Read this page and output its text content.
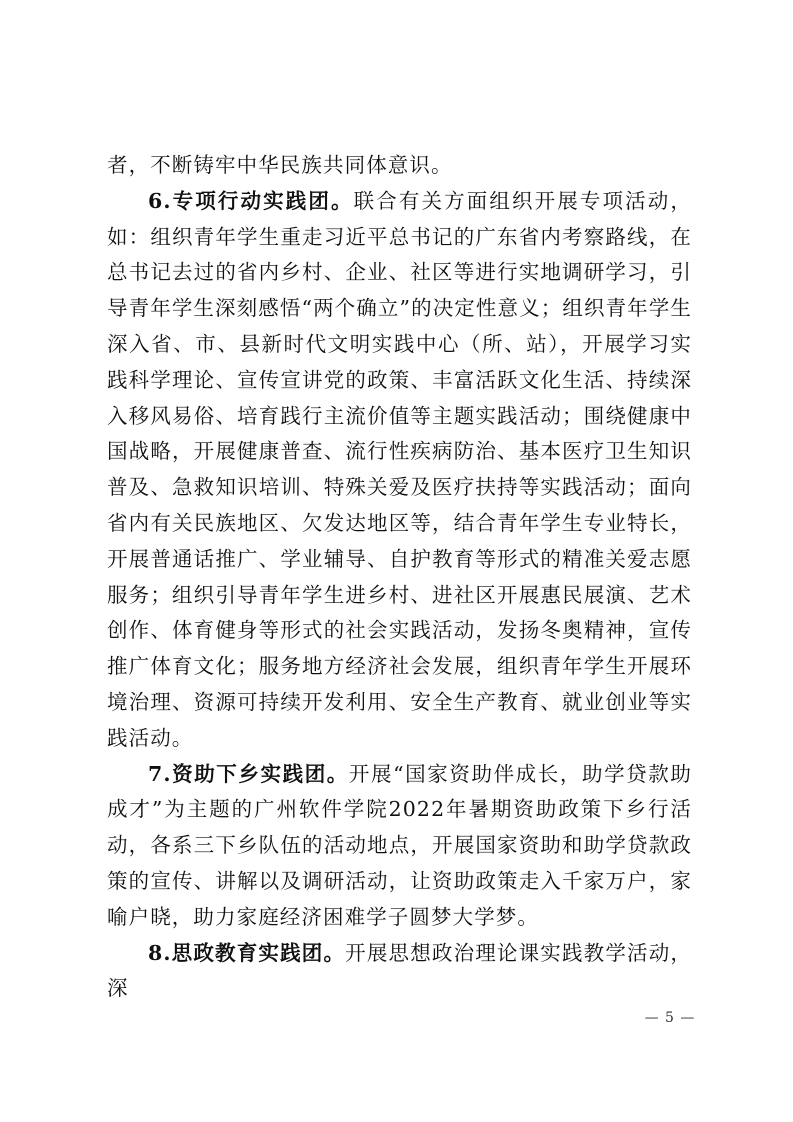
者，不断铸牢中华民族共同体意识。

6.专项行动实践团。联合有关方面组织开展专项活动，如：组织青年学生重走习近平总书记的广东省内考察路线，在总书记去过的省内乡村、企业、社区等进行实地调研学习，引导青年学生深刻感悟“两个确立”的决定性意义；组织青年学生深入省、市、县新时代文明实践中心（所、站），开展学习实践科学理论、宣传宣讲党的政策、丰富活跃文化生活、持续深入移风易俗、培育践行主流价值等主题实践活动；围绕健康中国战略，开展健康普查、流行性疾病防治、基本医疗卫生知识普及、急救知识培训、特殊关爱及医疗扶持等实践活动；面向省内有关民族地区、欠发达地区等，结合青年学生专业特长，开展普通话推广、学业辅导、自护教育等形式的精准关爱志愿服务；组织引导青年学生进乡村、进社区开展惠民展演、艺术创作、体育健身等形式的社会实践活动，发扬冬奥精神，宣传推广体育文化；服务地方经济社会发展，组织青年学生开展环境治理、资源可持续开发利用、安全生产教育、就业创业等实践活动。

7.资助下乡实践团。开展“国家资助伴成长，助学贷款助成才”为主题的广州软件学院2022年暑期资助政策下乡行活动，各系三下乡队伍的活动地点，开展国家资助和助学贷款政策的宣传、讲解以及调研活动，让资助政策走入千家万户，家喻户晓，助力家庭经济困难学子圆梦大学梦。

8.思政教育实践团。开展思想政治理论课实践教学活动，深

— 5 —
